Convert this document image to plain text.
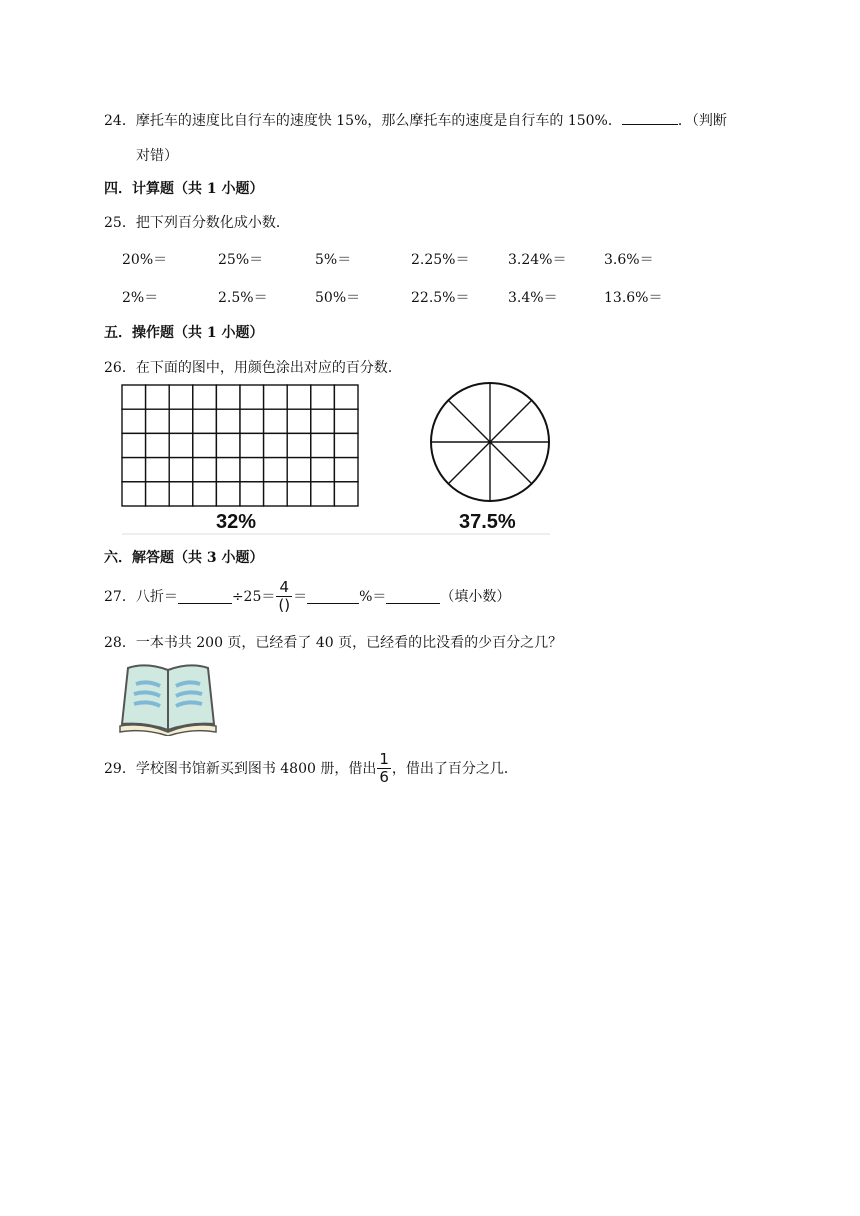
24．摩托车的速度比自行车的速度快 15%，那么摩托车的速度是自行车的 150%．	．（判断
对错）
四．计算题（共 1 小题）
25．把下列百分数化成小数．
20%＝	25%＝	5%＝	2.25%＝	3.24%＝	3.6%＝
2%＝	2.5%＝	50%＝	22.5%＝	3.4%＝	13.6%＝
五．操作题（共 1 小题）
26．在下面的图中，用颜色涂出对应的百分数．
32%	37.5%
六．解答题（共 3 小题）
27．八折＝	$\div 25= \frac{4}{()}$ ＝	%＝	（填小数）
28．一本书共 200 页，已经看了 40 页，已经看的比没看的少百分之几？
29．学校图书馆新买到图书 4800 册，借出 $\frac{1}{6}$ ，借出了百分之几．
